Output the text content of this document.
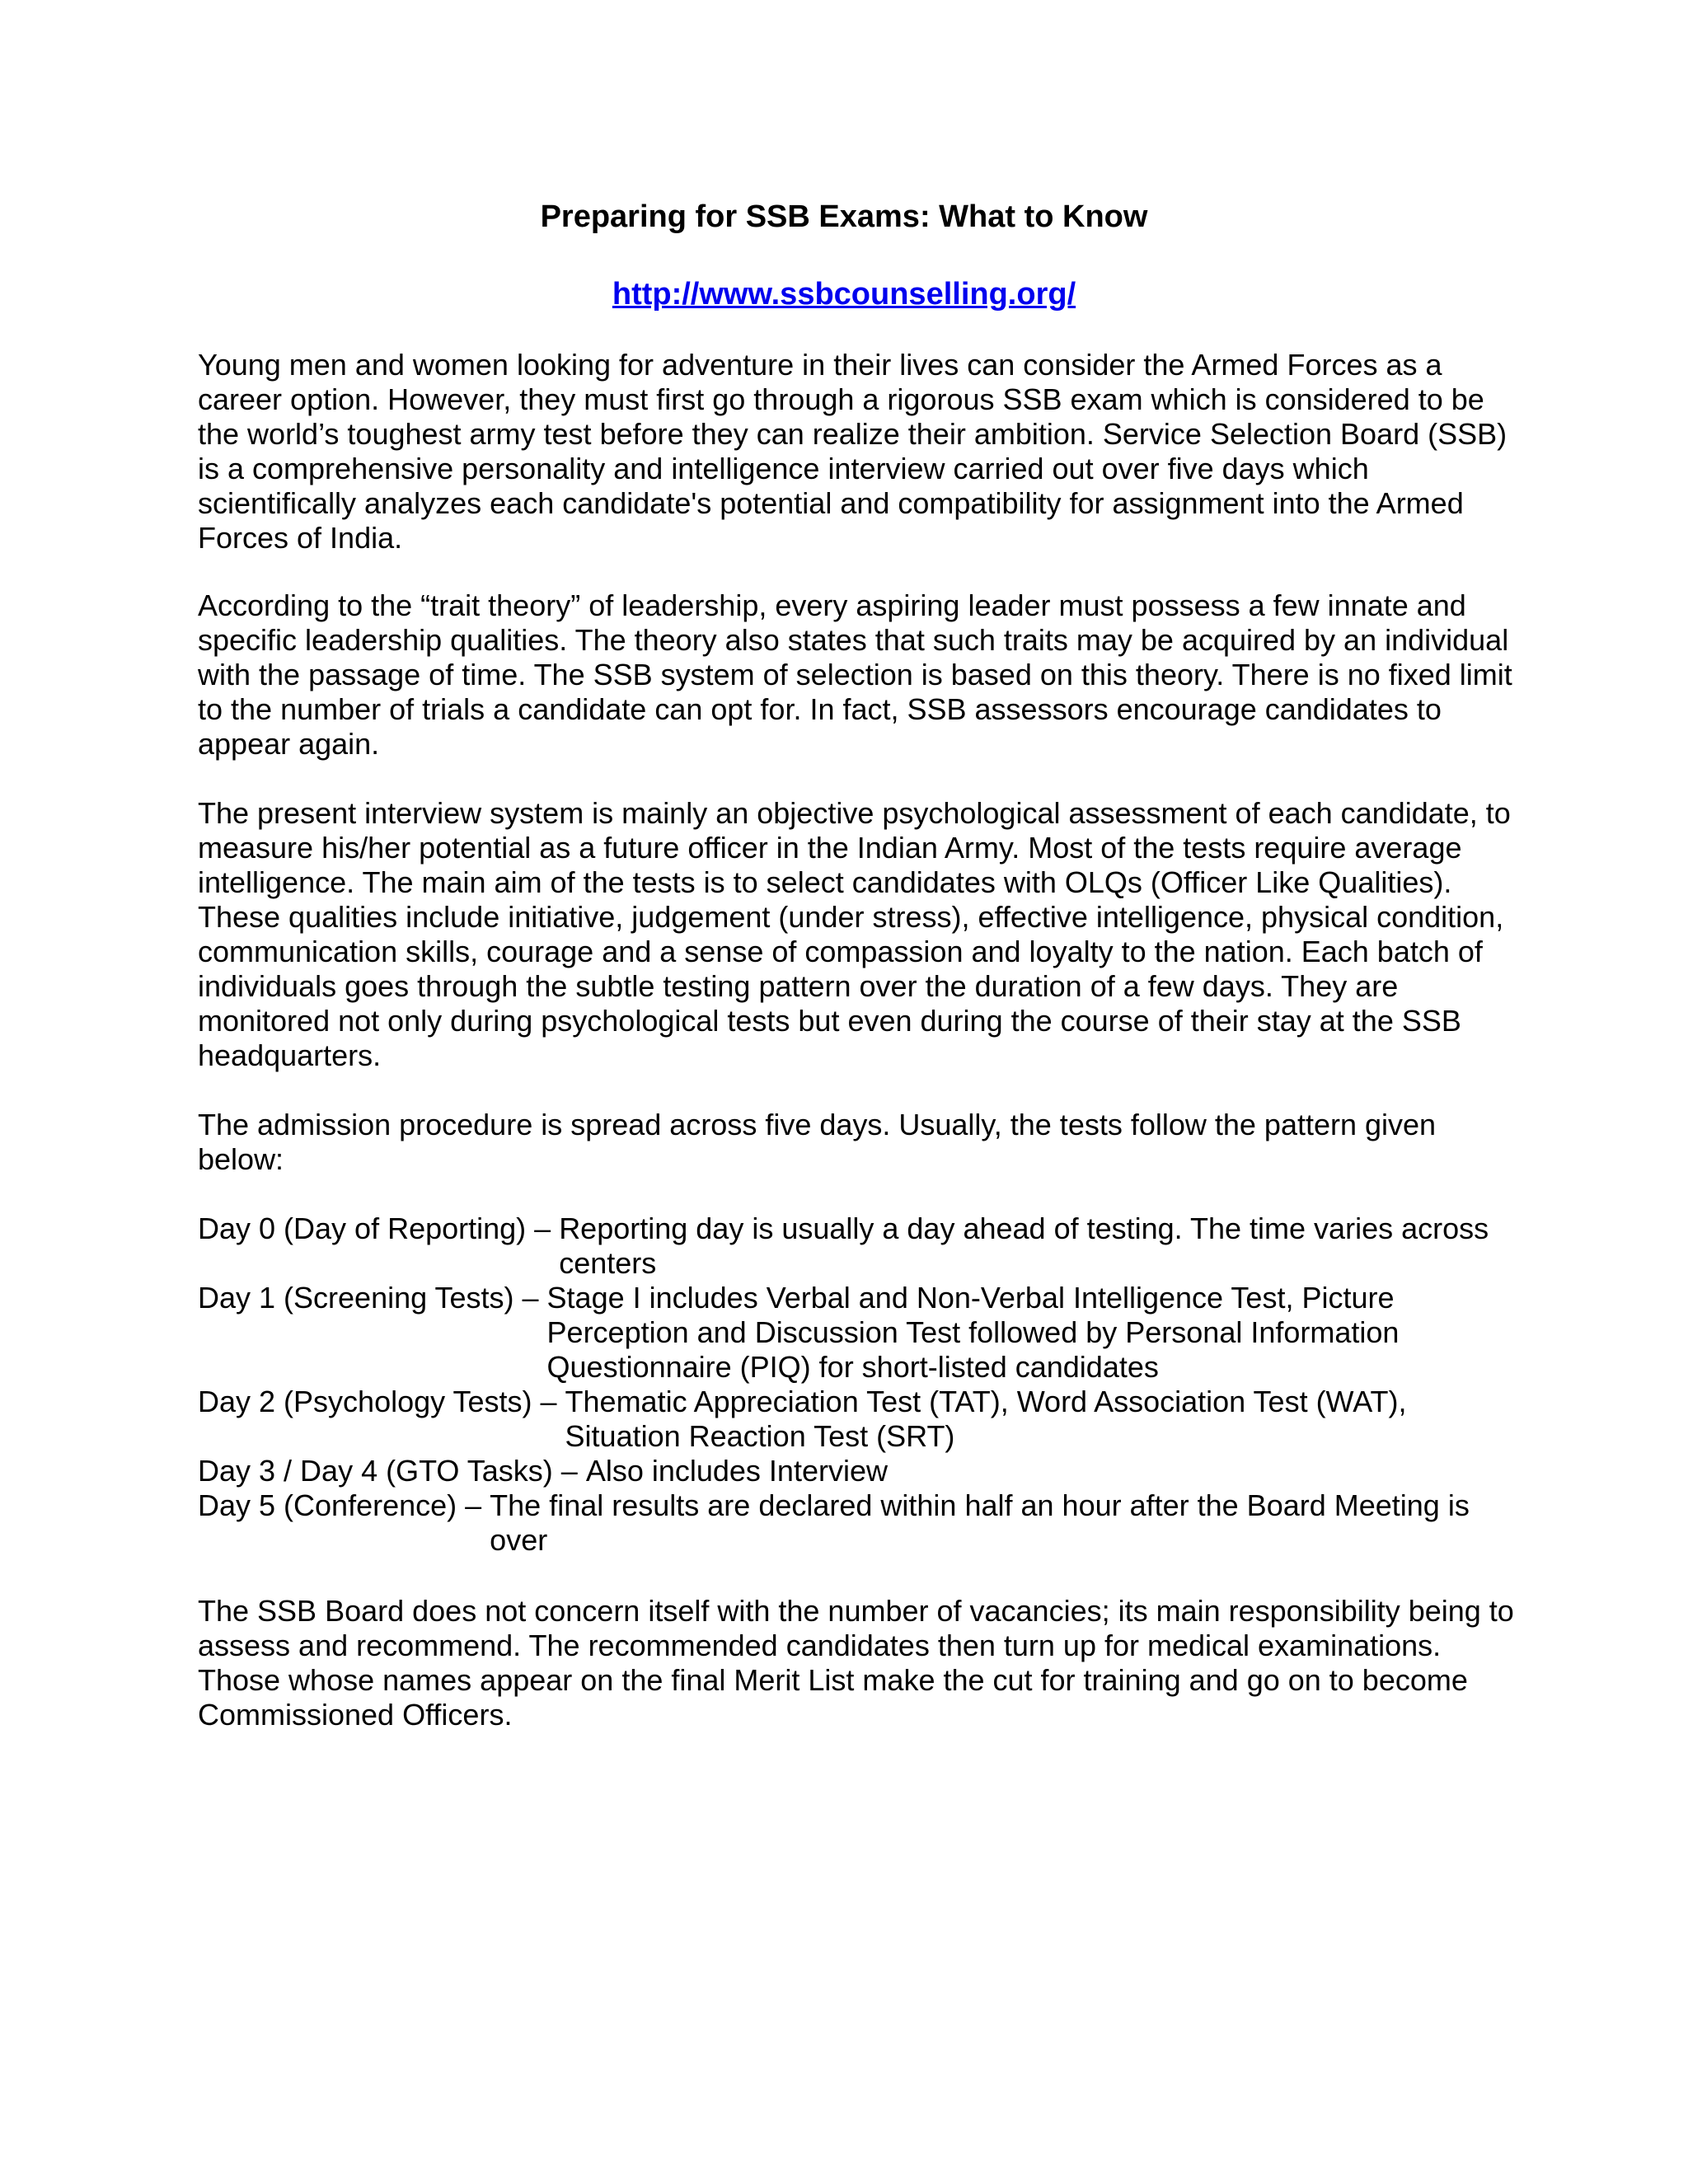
Preparing for SSB Exams: What to Know
http://www.ssbcounselling.org/

Young men and women looking for adventure in their lives can consider the Armed Forces as a career option. However, they must first go through a rigorous SSB exam which is considered to be the world’s toughest army test before they can realize their ambition. Service Selection Board (SSB) is a comprehensive personality and intelligence interview carried out over five days which scientifically analyzes each candidate's potential and compatibility for assignment into the Armed Forces of India.

According to the “trait theory” of leadership, every aspiring leader must possess a few innate and specific leadership qualities. The theory also states that such traits may be acquired by an individual with the passage of time. The SSB system of selection is based on this theory. There is no fixed limit to the number of trials a candidate can opt for. In fact, SSB assessors encourage candidates to appear again.

The present interview system is mainly an objective psychological assessment of each candidate, to measure his/her potential as a future officer in the Indian Army. Most of the tests require average intelligence. The main aim of the tests is to select candidates with OLQs (Officer Like Qualities). These qualities include initiative, judgement (under stress), effective intelligence, physical condition, communication skills, courage and a sense of compassion and loyalty to the nation. Each batch of individuals goes through the subtle testing pattern over the duration of a few days. They are monitored not only during psychological tests but even during the course of their stay at the SSB headquarters.

The admission procedure is spread across five days. Usually, the tests follow the pattern given below:

Day 0 (Day of Reporting) – Reporting day is usually a day ahead of testing. The time varies across centers
Day 1 (Screening Tests) – Stage I includes Verbal and Non-Verbal Intelligence Test, Picture Perception and Discussion Test followed by Personal Information Questionnaire (PIQ) for short-listed candidates
Day 2 (Psychology Tests) – Thematic Appreciation Test (TAT), Word Association Test (WAT), Situation Reaction Test (SRT)
Day 3 / Day 4 (GTO Tasks) – Also includes Interview
Day 5 (Conference) – The final results are declared within half an hour after the Board Meeting is over

The SSB Board does not concern itself with the number of vacancies; its main responsibility being to assess and recommend. The recommended candidates then turn up for medical examinations. Those whose names appear on the final Merit List make the cut for training and go on to become Commissioned Officers.
